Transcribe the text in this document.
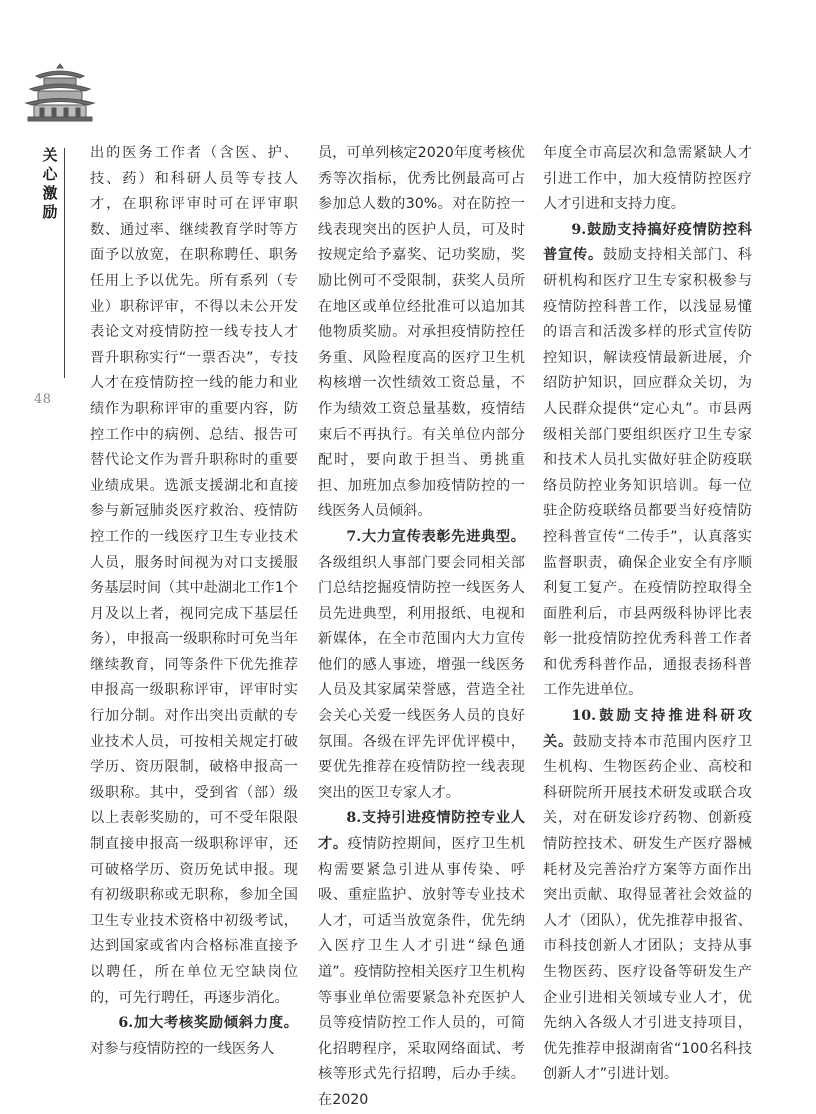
关
心
激
励
48

出的医务工作者（含医、护、技、药）和科研人员等专技人才，在职称评审时可在评审职数、通过率、继续教育学时等方面予以放宽，在职称聘任、职务任用上予以优先。所有系列（专业）职称评审，不得以未公开发表论文对疫情防控一线专技人才晋升职称实行“一票否决”，专技人才在疫情防控一线的能力和业绩作为职称评审的重要内容，防控工作中的病例、总结、报告可替代论文作为晋升职称时的重要业绩成果。选派支援湖北和直接参与新冠肺炎医疗救治、疫情防控工作的一线医疗卫生专业技术人员，服务时间视为对口支援服务基层时间（其中赴湖北工作1个月及以上者，视同完成下基层任务），申报高一级职称时可免当年继续教育，同等条件下优先推荐申报高一级职称评审，评审时实行加分制。对作出突出贡献的专业技术人员，可按相关规定打破学历、资历限制，破格申报高一级职称。其中，受到省（部）级以上表彰奖励的，可不受年限限制直接申报高一级职称评审，还可破格学历、资历免试申报。现有初级职称或无职称，参加全国卫生专业技术资格中初级考试，达到国家或省内合格标准直接予以聘任，所在单位无空缺岗位的，可先行聘任，再逐步消化。

6.加大考核奖励倾斜力度。对参与疫情防控的一线医务人

员，可单列核定2020年度考核优秀等次指标，优秀比例最高可占参加总人数的30%。对在防控一线表现突出的医护人员，可及时按规定给予嘉奖、记功奖励，奖励比例可不受限制，获奖人员所在地区或单位经批准可以追加其他物质奖励。对承担疫情防控任务重、风险程度高的医疗卫生机构核增一次性绩效工资总量，不作为绩效工资总量基数，疫情结束后不再执行。有关单位内部分配时，要向敢于担当、勇挑重担、加班加点参加疫情防控的一线医务人员倾斜。

7.大力宣传表彰先进典型。各级组织人事部门要会同相关部门总结挖掘疫情防控一线医务人员先进典型，利用报纸、电视和新媒体，在全市范围内大力宣传他们的感人事迹，增强一线医务人员及其家属荣誉感，营造全社会关心关爱一线医务人员的良好氛围。各级在评先评优评模中，要优先推荐在疫情防控一线表现突出的医卫专家人才。

8.支持引进疫情防控专业人才。疫情防控期间，医疗卫生机构需要紧急引进从事传染、呼吸、重症监护、放射等专业技术人才，可适当放宽条件，优先纳入医疗卫生人才引进“绿色通道”。疫情防控相关医疗卫生机构等事业单位需要紧急补充医护人员等疫情防控工作人员的，可简化招聘程序，采取网络面试、考核等形式先行招聘，后办手续。在2020

年度全市高层次和急需紧缺人才引进工作中，加大疫情防控医疗人才引进和支持力度。

9.鼓励支持搞好疫情防控科普宣传。鼓励支持相关部门、科研机构和医疗卫生专家积极参与疫情防控科普工作，以浅显易懂的语言和活泼多样的形式宣传防控知识，解读疫情最新进展，介绍防护知识，回应群众关切，为人民群众提供“定心丸”。市县两级相关部门要组织医疗卫生专家和技术人员扎实做好驻企防疫联络员防控业务知识培训。每一位驻企防疫联络员都要当好疫情防控科普宣传“二传手”，认真落实监督职责，确保企业安全有序顺利复工复产。在疫情防控取得全面胜利后，市县两级科协评比表彰一批疫情防控优秀科普工作者和优秀科普作品，通报表扬科普工作先进单位。

10.鼓励支持推进科研攻关。鼓励支持本市范围内医疗卫生机构、生物医药企业、高校和科研院所开展技术研发或联合攻关，对在研发诊疗药物、创新疫情防控技术、研发生产医疗器械耗材及完善治疗方案等方面作出突出贡献、取得显著社会效益的人才（团队），优先推荐申报省、市科技创新人才团队；支持从事生物医药、医疗设备等研发生产企业引进相关领域专业人才，优先纳入各级人才引进支持项目，优先推荐申报湖南省“100名科技创新人才”引进计划。
